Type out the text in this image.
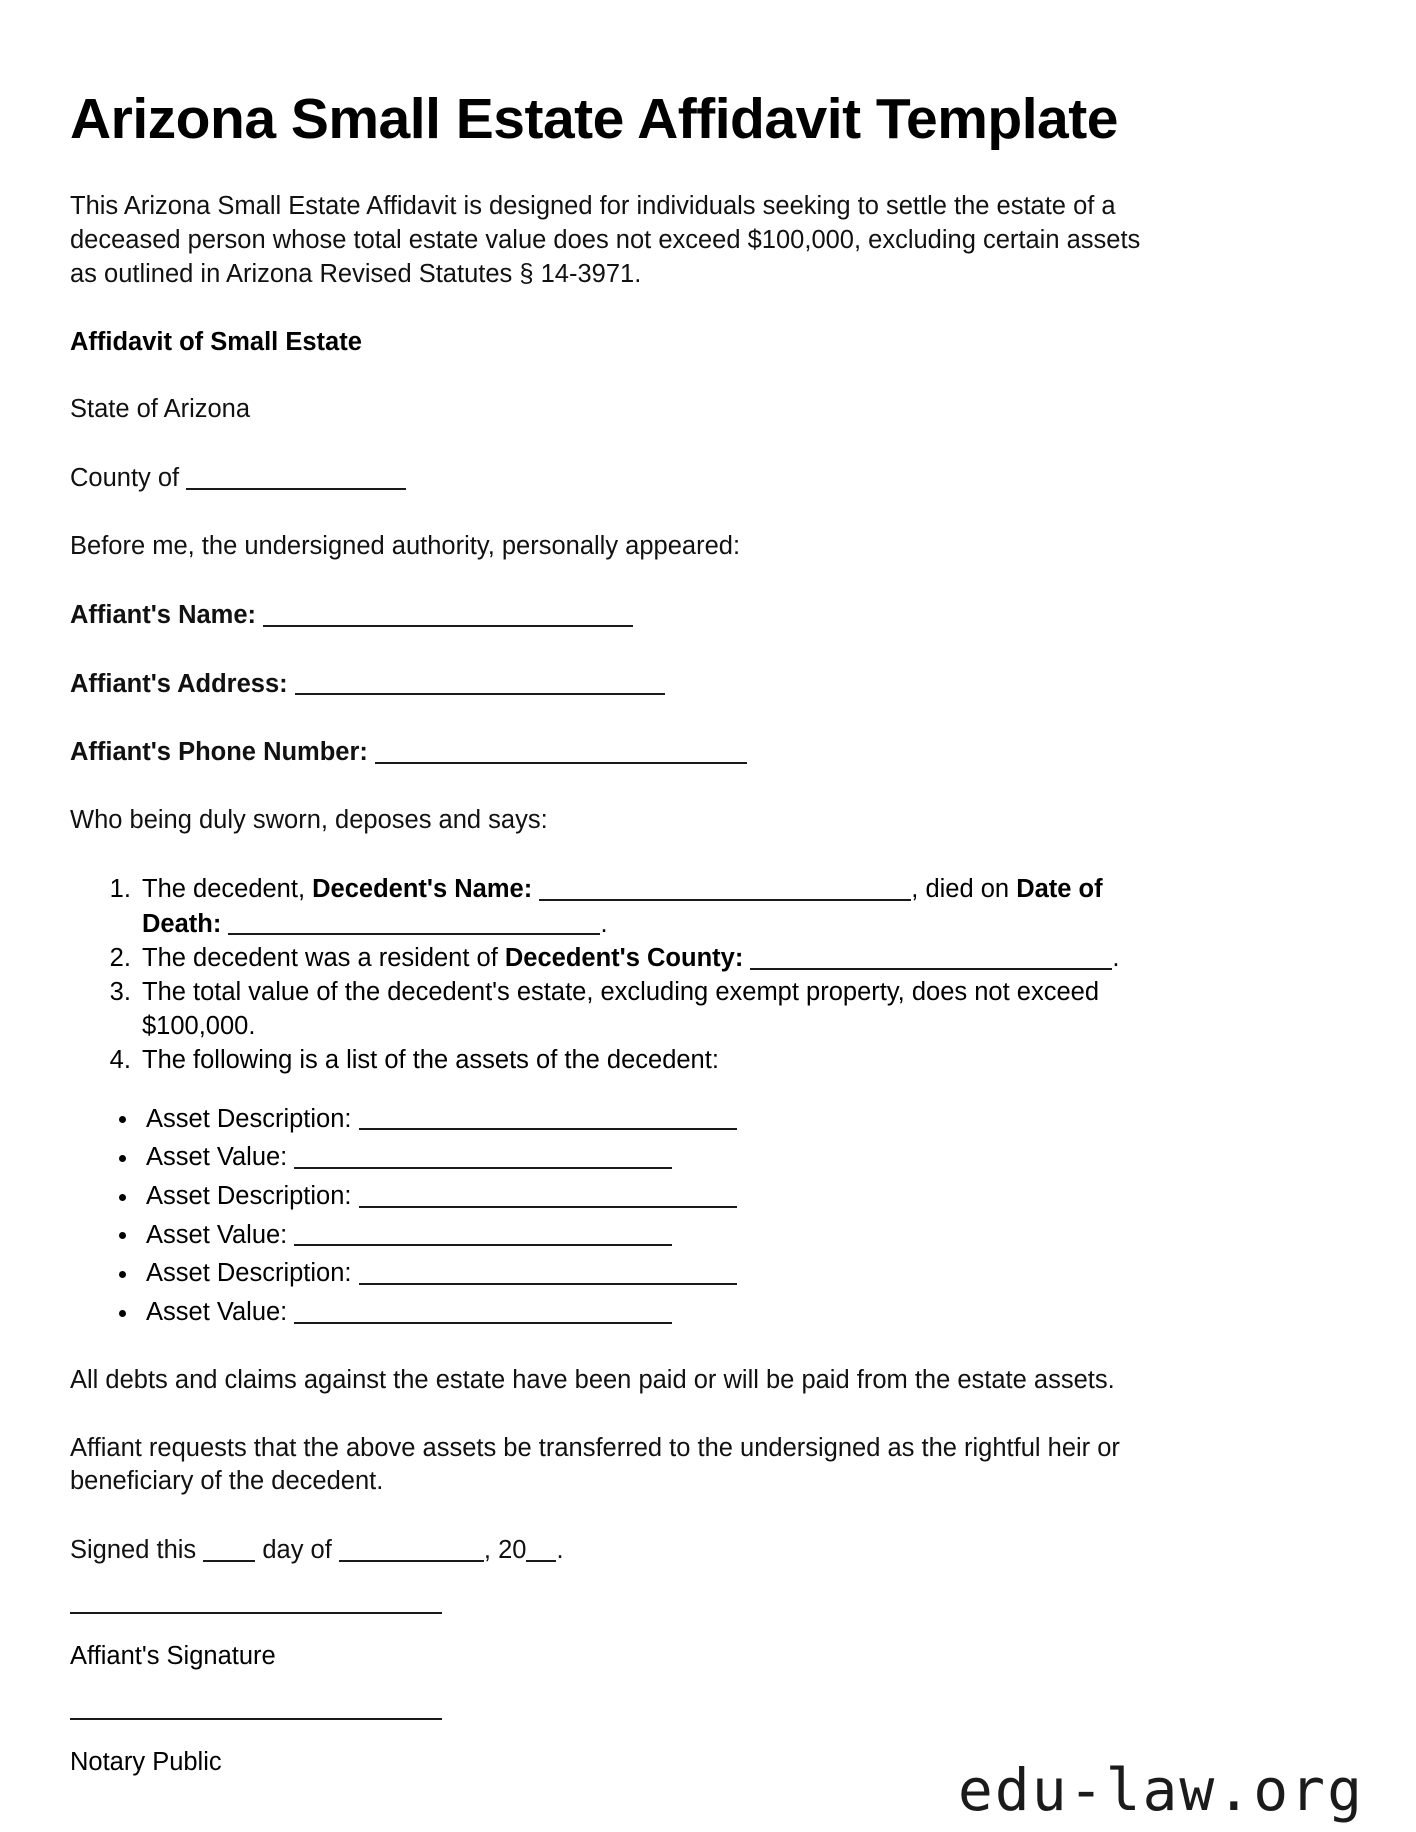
Arizona Small Estate Affidavit Template

This Arizona Small Estate Affidavit is designed for individuals seeking to settle the estate of a deceased person whose total estate value does not exceed $100,000, excluding certain assets as outlined in Arizona Revised Statutes § 14-3971.

Affidavit of Small Estate

State of Arizona

County of

Before me, the undersigned authority, personally appeared:

Affiant's Name:

Affiant's Address:

Affiant's Phone Number:

Who being duly sworn, deposes and says:

1. The decedent, Decedent's Name:	, died on Date of Death:	.
2. The decedent was a resident of Decedent's County:	.
3. The total value of the decedent's estate, excluding exempt property, does not exceed $100,000.
4. The following is a list of the assets of the decedent:
• Asset Description:
• Asset Value:
• Asset Description:
• Asset Value:
• Asset Description:
• Asset Value:

All debts and claims against the estate have been paid or will be paid from the estate assets.

Affiant requests that the above assets be transferred to the undersigned as the rightful heir or beneficiary of the decedent.

Signed this  day of	, 20 .

Affiant's Signature

Notary Public	edu-law.org
